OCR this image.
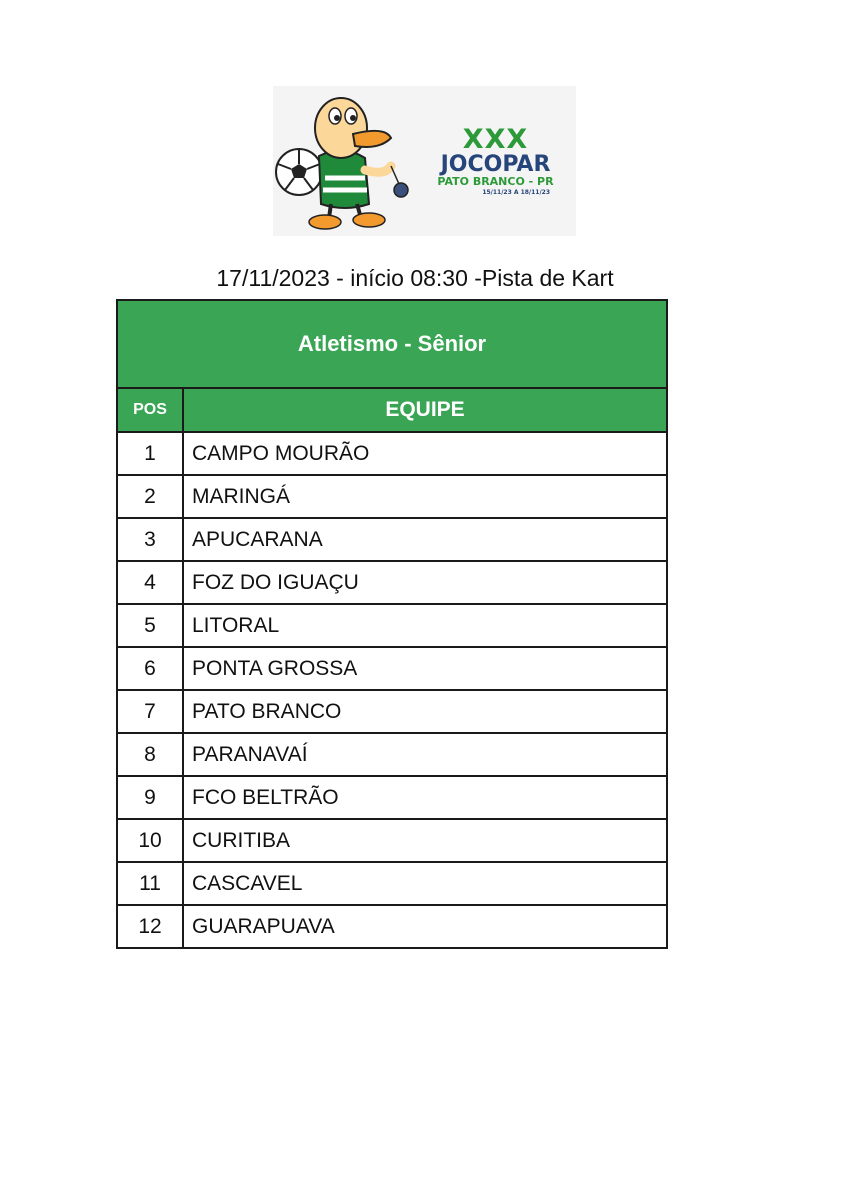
XXX
JOCOPAR
PATO BRANCO - PR
15/11/23 A 18/11/23
17/11/2023 - início 08:30 -Pista de Kart
Atletismo - Sênior	
POS	EQUIPE
1	CAMPO MOURÃO
2	MARINGÁ
3	APUCARANA
4	FOZ DO IGUAÇU
5	LITORAL
6	PONTA GROSSA
7	PATO BRANCO
8	PARANAVAÍ
9	FCO BELTRÃO
10	CURITIBA
11	CASCAVEL
12	GUARAPUAVA
